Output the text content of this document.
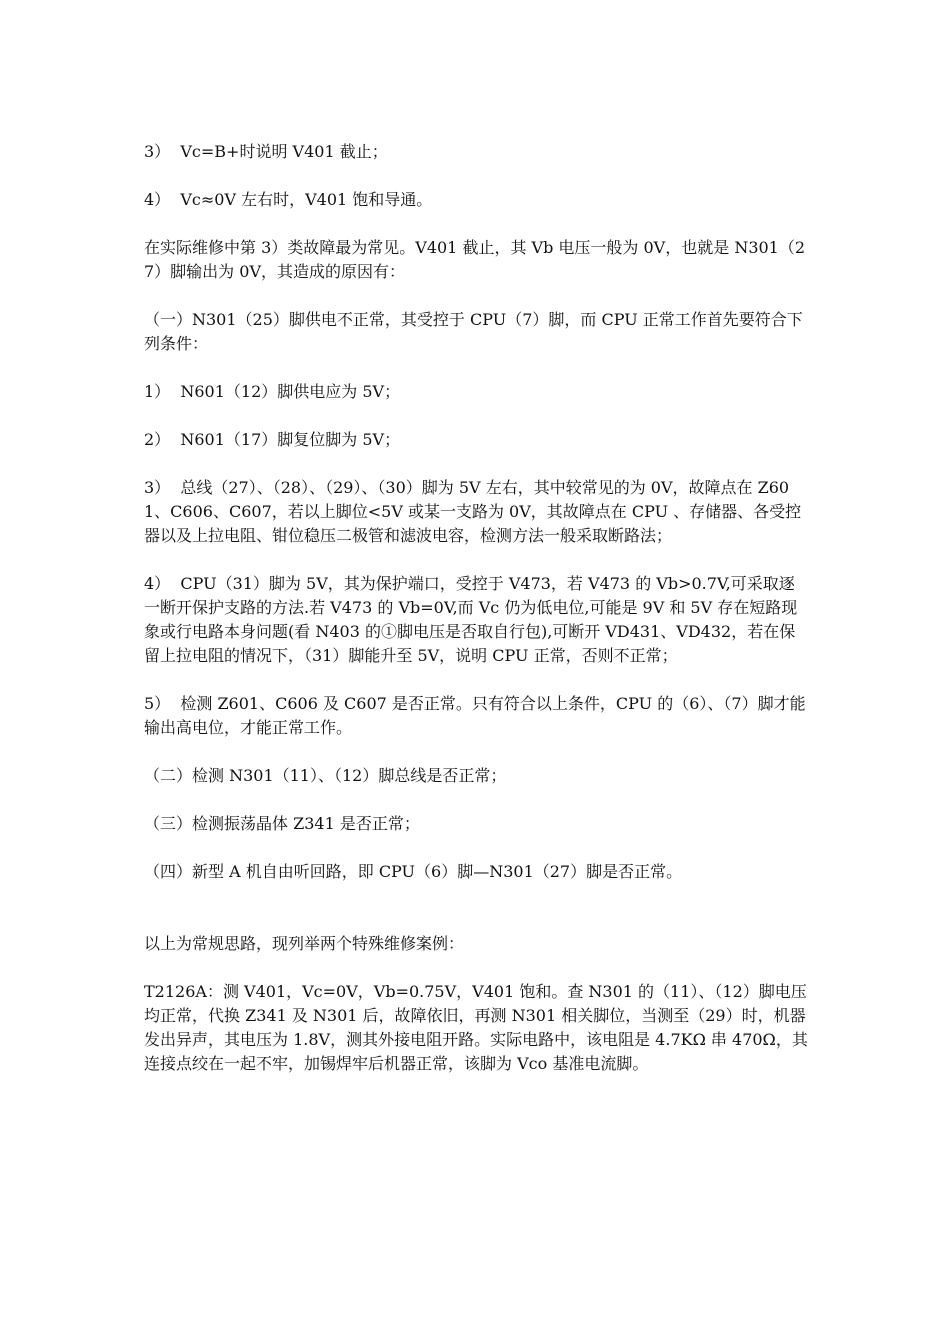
3）  Vc=B+时说明 V401 截止；

4）  Vc≈0V 左右时，V401 饱和导通。

在实际维修中第 3）类故障最为常见。V401 截止，其 Vb 电压一般为 0V，也就是 N301（27）脚输出为 0V，其造成的原因有：

（一）N301（25）脚供电不正常，其受控于 CPU（7）脚，而 CPU 正常工作首先要符合下列条件：

1）  N601（12）脚供电应为 5V；

2）  N601（17）脚复位脚为 5V；

3）  总线（27）、（28）、（29）、（30）脚为 5V 左右，其中较常见的为 0V，故障点在 Z601、C606、C607，若以上脚位<5V 或某一支路为 0V，其故障点在 CPU 、存储器、各受控器以及上拉电阻、钳位稳压二极管和滤波电容，检测方法一般采取断路法；

4）  CPU（31）脚为 5V，其为保护端口，受控于 V473，若 V473 的 Vb>0.7V,可采取逐一断开保护支路的方法.若 V473 的 Vb=0V,而 Vc 仍为低电位,可能是 9V 和 5V 存在短路现象或行电路本身问题(看 N403 的①脚电压是否取自行包),可断开 VD431、VD432，若在保留上拉电阻的情况下，（31）脚能升至 5V，说明 CPU 正常，否则不正常；

5）  检测 Z601、C606 及 C607 是否正常。只有符合以上条件，CPU 的（6）、（7）脚才能输出高电位，才能正常工作。

（二）检测 N301（11）、（12）脚总线是否正常；

（三）检测振荡晶体 Z341 是否正常；

（四）新型 A 机自由听回路，即 CPU（6）脚—N301（27）脚是否正常。

以上为常规思路，现列举两个特殊维修案例：

T2126A：测 V401，Vc=0V，Vb=0.75V，V401 饱和。查 N301 的（11）、（12）脚电压均正常，代换 Z341 及 N301 后，故障依旧，再测 N301 相关脚位，当测至（29）时，机器发出异声，其电压为 1.8V，测其外接电阻开路。实际电路中，该电阻是 4.7KΩ 串 470Ω，其连接点绞在一起不牢，加锡焊牢后机器正常，该脚为 Vco 基准电流脚。
